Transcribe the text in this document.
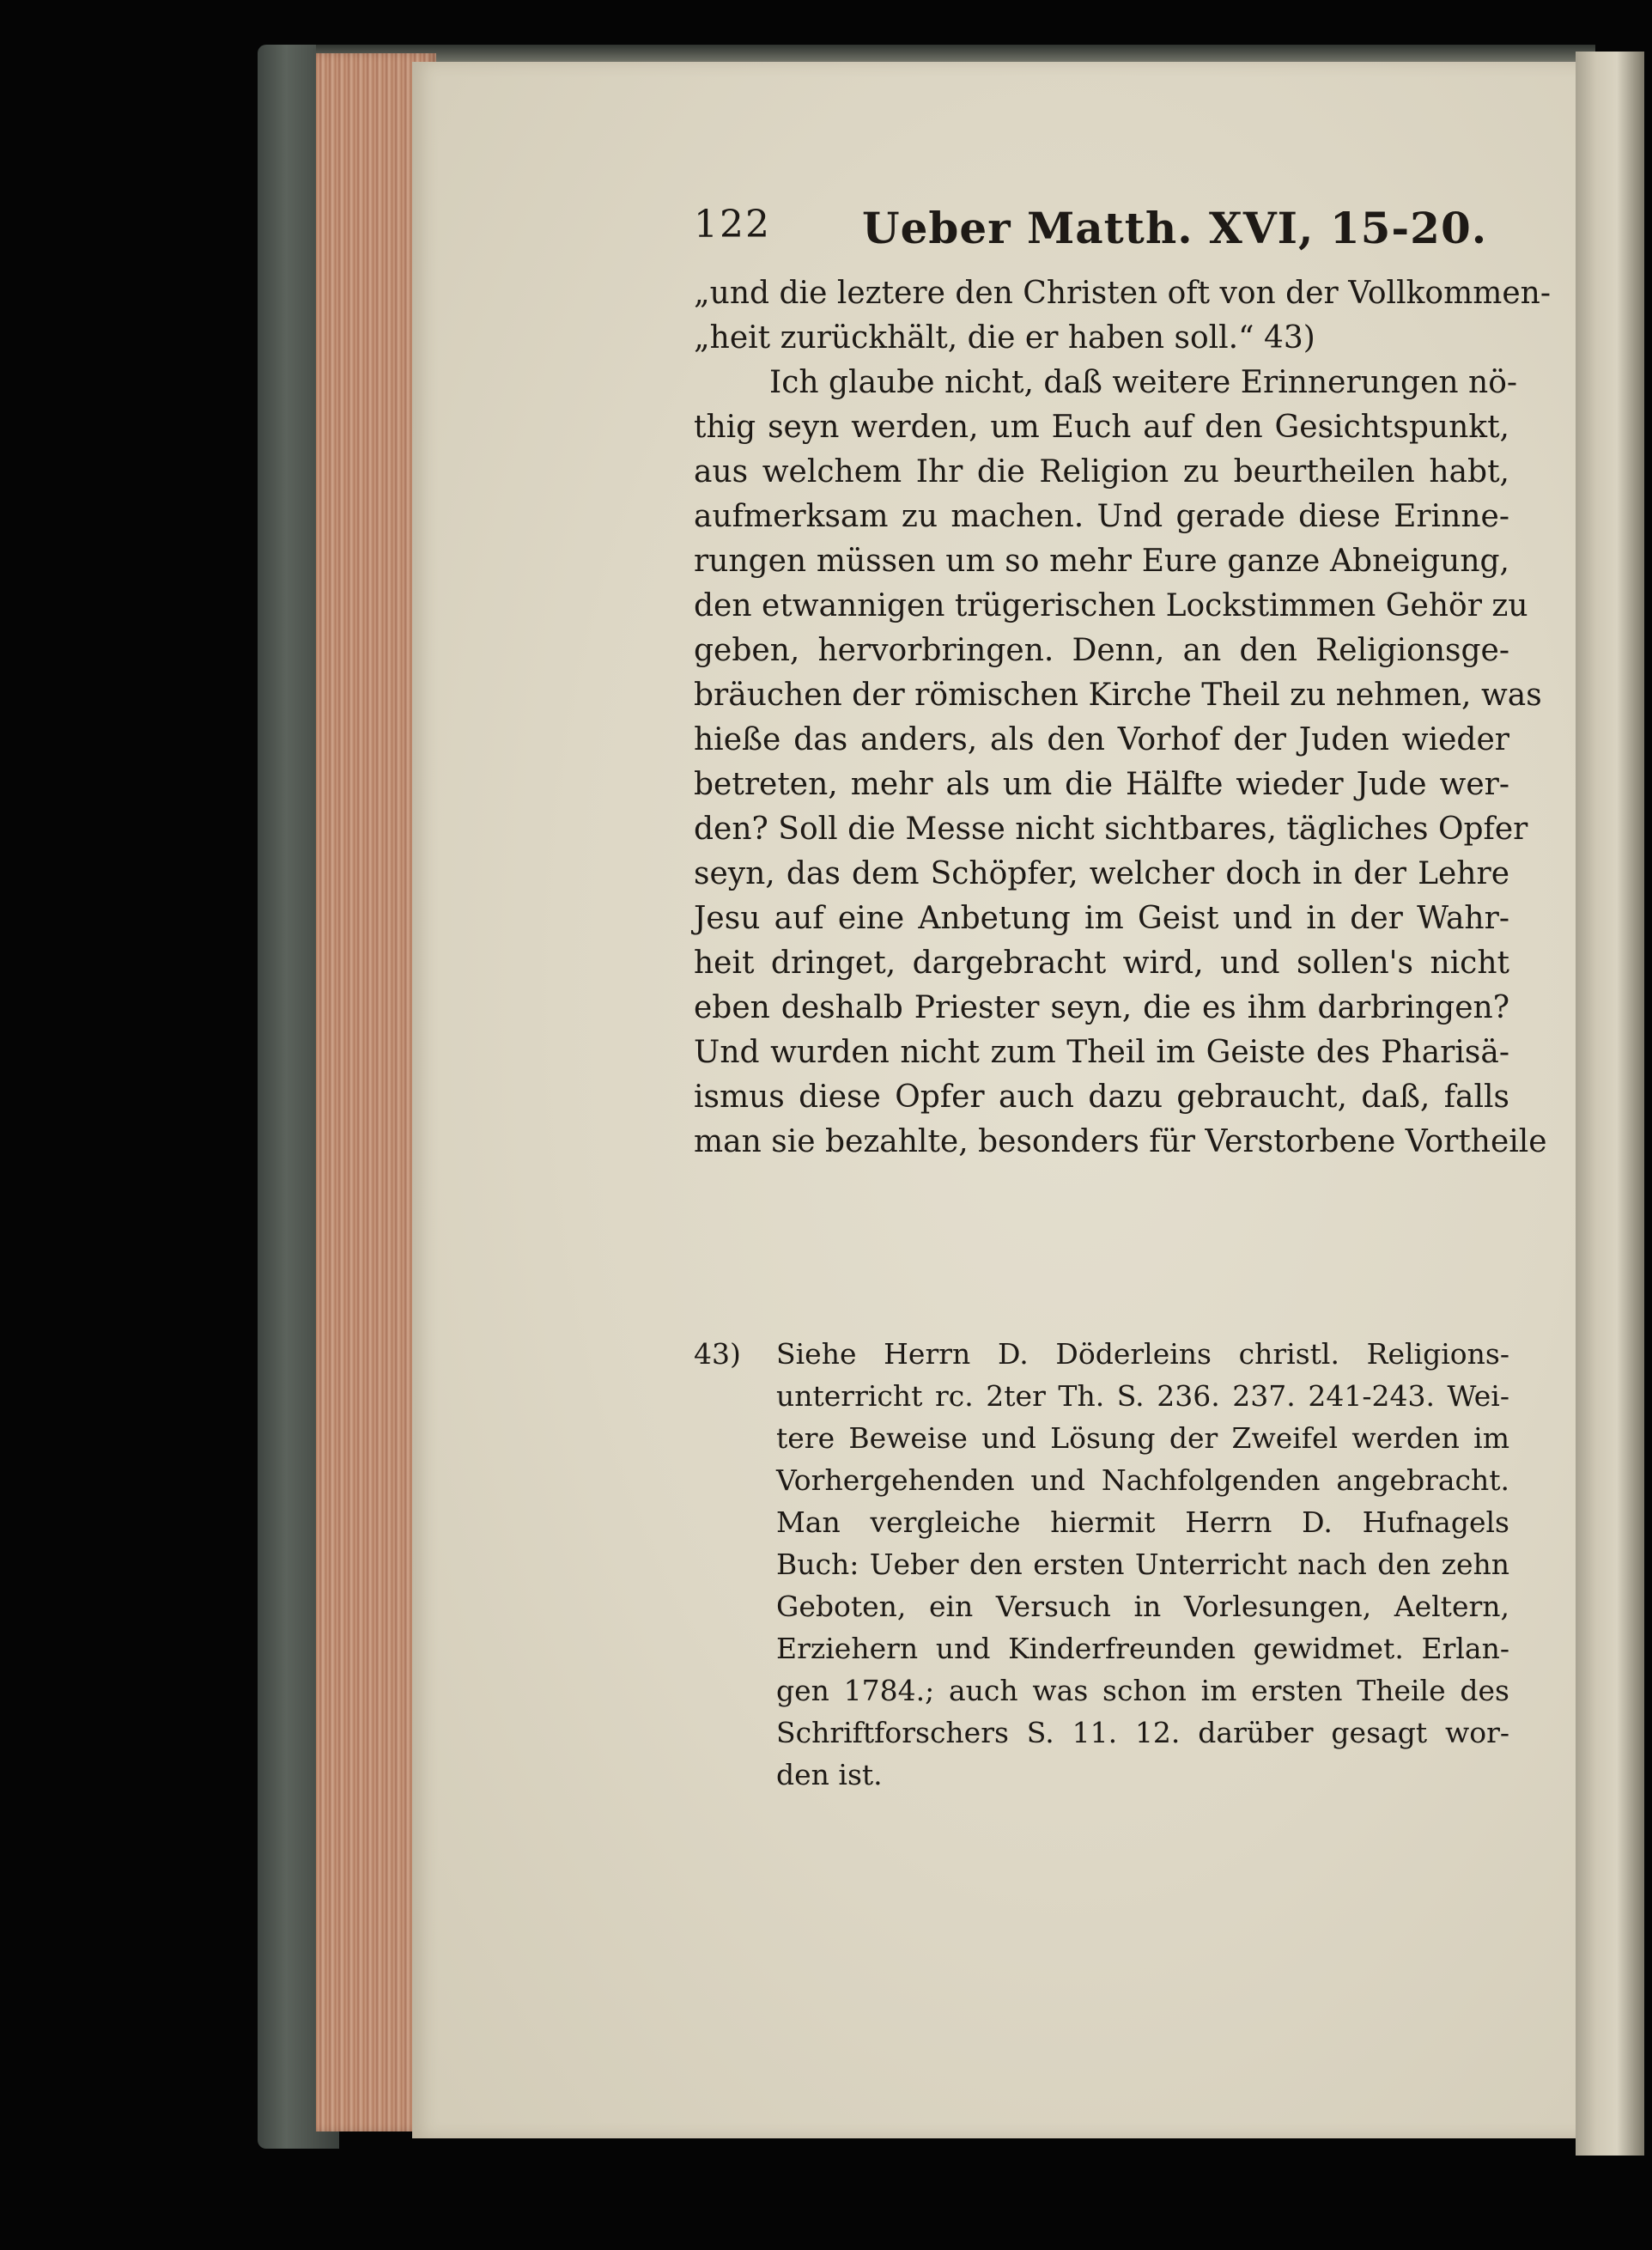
122 Ueber Matth. XVI, 15-20.
„und die leztere den Christen oft von der Vollkommen-
„heit zurückhält, die er haben soll.“ 43)
Ich glaube nicht, daß weitere Erinnerungen nö-
thig seyn werden, um Euch auf den Gesichtspunkt,
aus welchem Ihr die Religion zu beurtheilen habt,
aufmerksam zu machen. Und gerade diese Erinne-
rungen müssen um so mehr Eure ganze Abneigung,
den etwannigen trügerischen Lockstimmen Gehör zu
geben, hervorbringen. Denn, an den Religionsge-
bräuchen der römischen Kirche Theil zu nehmen, was
hieße das anders, als den Vorhof der Juden wieder
betreten, mehr als um die Hälfte wieder Jude wer-
den? Soll die Messe nicht sichtbares, tägliches Opfer
seyn, das dem Schöpfer, welcher doch in der Lehre
Jesu auf eine Anbetung im Geist und in der Wahr-
heit dringet, dargebracht wird, und sollen's nicht
eben deshalb Priester seyn, die es ihm darbringen?
Und wurden nicht zum Theil im Geiste des Pharisä-
ismus diese Opfer auch dazu gebraucht, daß, falls
man sie bezahlte, besonders für Verstorbene Vortheile
43) Siehe Herrn D. Döderleins christl. Religions-
unterricht rc. 2ter Th. S. 236. 237. 241-243. Wei-
tere Beweise und Lösung der Zweifel werden im
Vorhergehenden und Nachfolgenden angebracht.
Man vergleiche hiermit Herrn D. Hufnagels
Buch: Ueber den ersten Unterricht nach den zehn
Geboten, ein Versuch in Vorlesungen, Aeltern,
Erziehern und Kinderfreunden gewidmet. Erlan-
gen 1784.; auch was schon im ersten Theile des
Schriftforschers S. 11. 12. darüber gesagt wor-
den ist.
